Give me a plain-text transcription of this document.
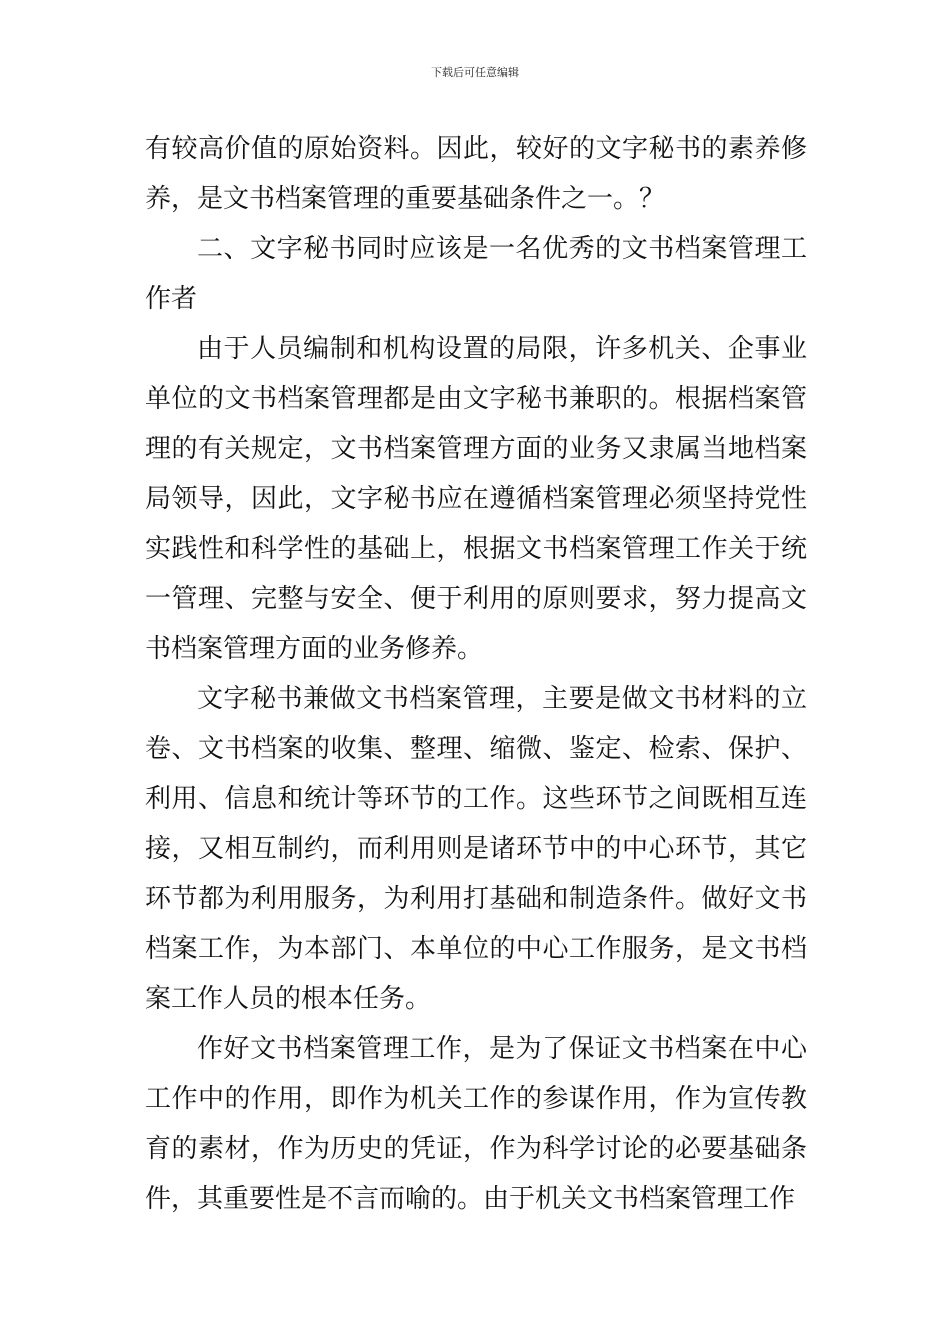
下载后可任意编辑

有较高价值的原始资料。因此，较好的文字秘书的素养修养，是文书档案管理的重要基础条件之一。？

二、文字秘书同时应该是一名优秀的文书档案管理工作者

由于人员编制和机构设置的局限，许多机关、企事业单位的文书档案管理都是由文字秘书兼职的。根据档案管理的有关规定，文书档案管理方面的业务又隶属当地档案局领导，因此，文字秘书应在遵循档案管理必须坚持党性实践性和科学性的基础上，根据文书档案管理工作关于统一管理、完整与安全、便于利用的原则要求，努力提高文书档案管理方面的业务修养。

文字秘书兼做文书档案管理，主要是做文书材料的立卷、文书档案的收集、整理、缩微、鉴定、检索、保护、利用、信息和统计等环节的工作。这些环节之间既相互连接，又相互制约，而利用则是诸环节中的中心环节，其它环节都为利用服务，为利用打基础和制造条件。做好文书档案工作，为本部门、本单位的中心工作服务，是文书档案工作人员的根本任务。

作好文书档案管理工作，是为了保证文书档案在中心工作中的作用，即作为机关工作的参谋作用，作为宣传教育的素材，作为历史的凭证，作为科学讨论的必要基础条件，其重要性是不言而喻的。由于机关文书档案管理工作
